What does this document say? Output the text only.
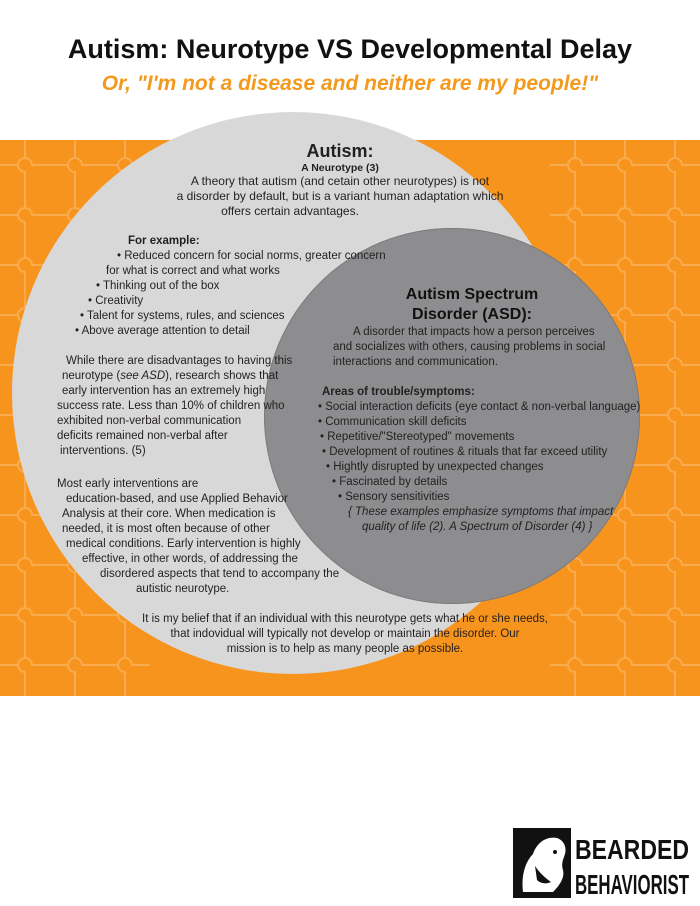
Autism: Neurotype VS Developmental Delay
Or, "I'm not a disease and neither are my people!"
Autism:
A Neurotype (3)
A theory that autism (and cetain other neurotypes) is not
a disorder by default, but is a variant human adaptation which
offers certain advantages.
For example:
• Reduced concern for social norms, greater concern
for what is correct and what works
• Thinking out of the box
• Creativity
• Talent for systems, rules, and sciences
• Above average attention to detail
While there are disadvantages to having this
neurotype (see ASD), research shows that
early intervention has an extremely high
success rate. Less than 10% of children who
exhibited non-verbal communication
deficits remained non-verbal after
interventions. (5)
Most early interventions are
education-based, and use Applied Behavior
Analysis at their core. When medication is
needed, it is most often because of other
medical conditions. Early intervention is highly
effective, in other words, of addressing the
disordered aspects that tend to accompany the
autistic neurotype.
It is my belief that if an individual with this neurotype gets what he or she needs,
that indovidual will typically not develop or maintain the disorder. Our
mission is to help as many people as possible.
Autism Spectrum
Disorder (ASD):
A disorder that impacts how a person perceives
and socializes with others, causing problems in social
interactions and communication.
Areas of trouble/symptoms:
• Social interaction deficits (eye contact & non-verbal language)
• Communication skill deficits
• Repetitive/"Stereotyped" movements
• Development of routines & rituals that far exceed utility
• Hightly disrupted by unexpected changes
• Fascinated by details
• Sensory sensitivities
{ These examples emphasize symptoms that impact
quality of life (2). A Spectrum of Disorder (4) }
1. www.Mayoclinic.org/diseases-conditions/autism-spectrum-disorder/symptoms-causes/syc-20352928
2. Girls with ASD are often misdiagnosed or undiagnosed because they do not fit ASD stereotypes and
they mask symptoms better than boys do.
www.childmind.org/article/autistic-girls-overlooked-undiagnosed-autism/
3. www.HealthLine.com/health/neurotypical#characteristics
4. Autism - what we know (and that we don't know yet) I Wendy Chang.
https://www.youtube.com/watch?v=wKlMcLTqRLs&t-302s=
5. www.autismparentingmagazine.com/autism-early-intervention-benefits/	BEARDED
BEHAVIORIST
